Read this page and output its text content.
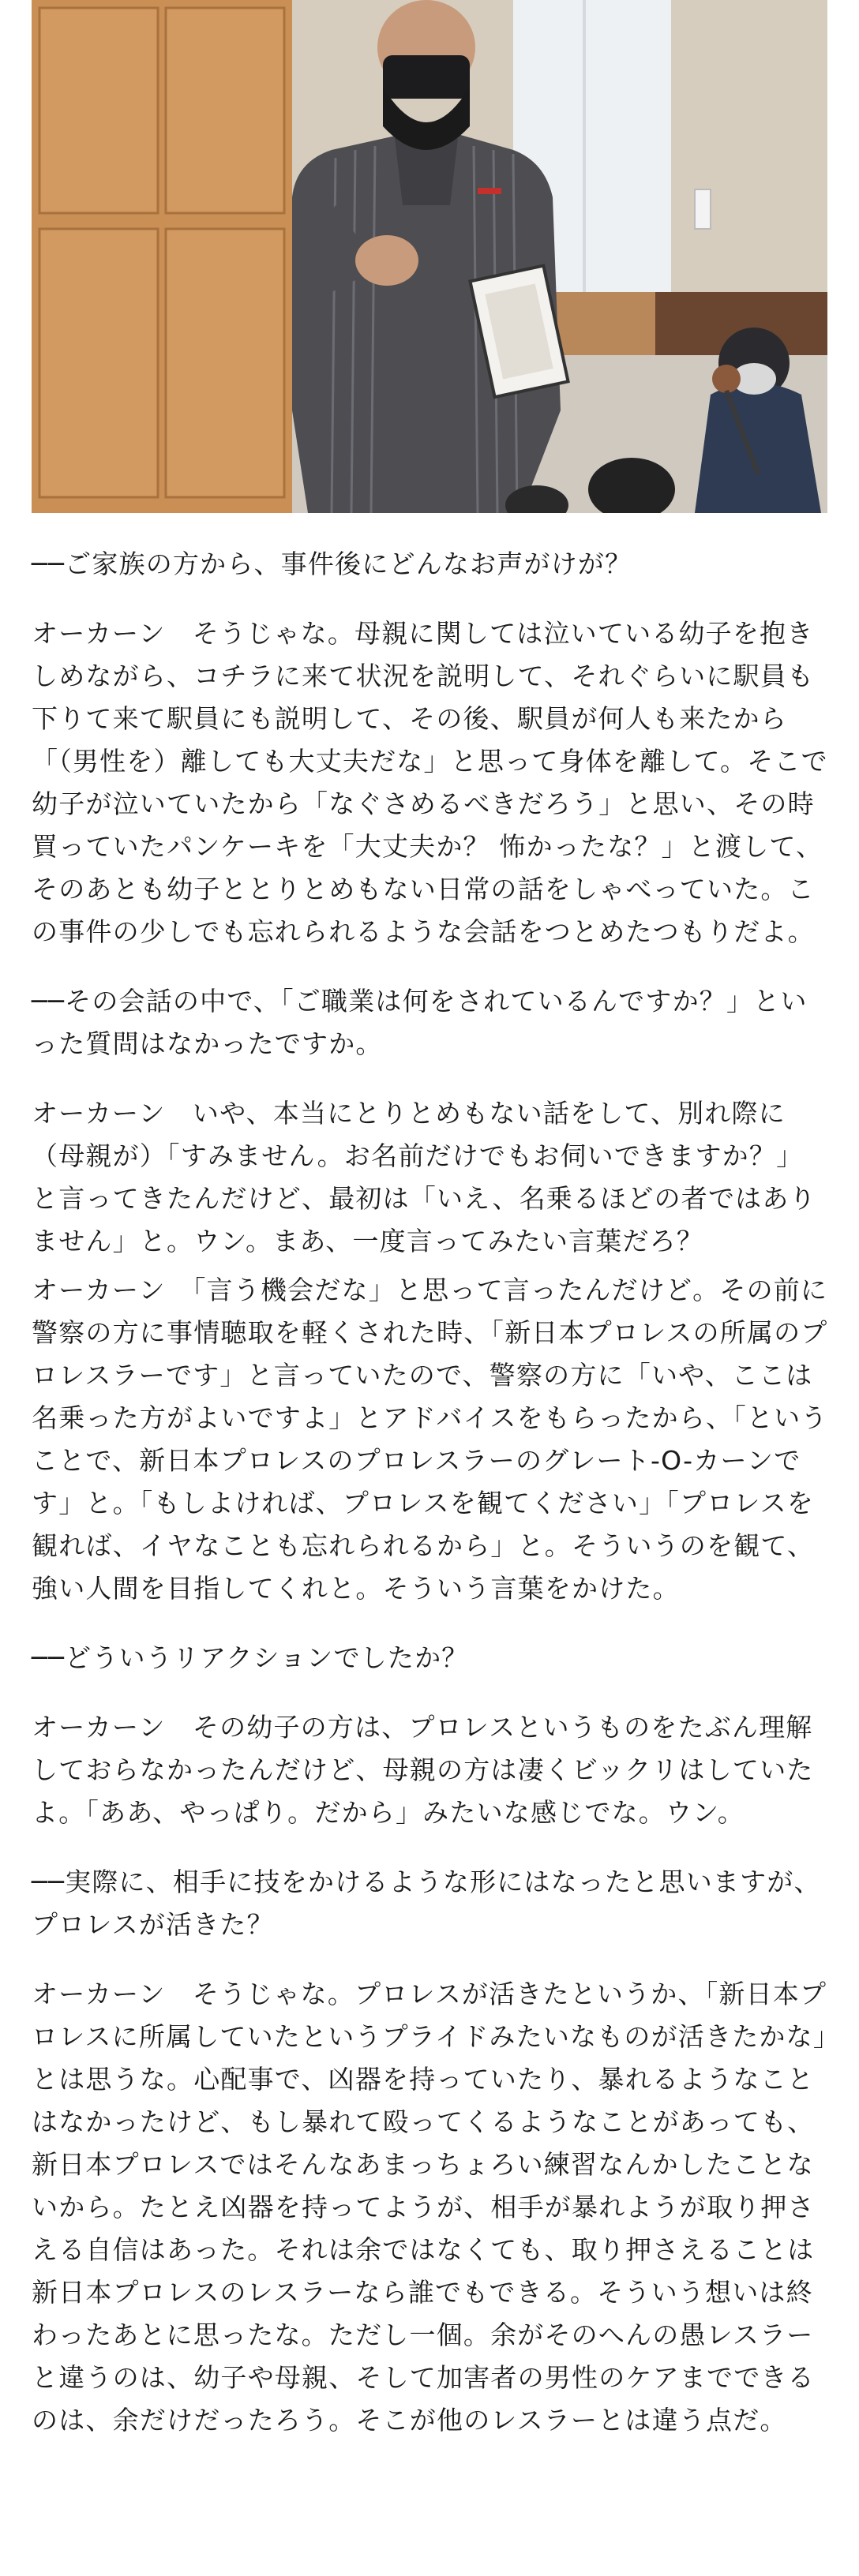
──ご家族の方から、事件後にどんなお声がけが？

オーカーン　そうじゃな。母親に関しては泣いている幼子を抱きしめながら、コチラに来て状況を説明して、それぐらいに駅員も下りて来て駅員にも説明して、その後、駅員が何人も来たから「（男性を）離しても大丈夫だな」と思って身体を離して。そこで幼子が泣いていたから「なぐさめるべきだろう」と思い、その時買っていたパンケーキを「大丈夫か？ 怖かったな？」と渡して、そのあとも幼子ととりとめもない日常の話をしゃべっていた。この事件の少しでも忘れられるような会話をつとめたつもりだよ。

──その会話の中で、「ご職業は何をされているんですか？」といった質問はなかったですか。

オーカーン　いや、本当にとりとめもない話をして、別れ際に（母親が）「すみません。お名前だけでもお伺いできますか？」と言ってきたんだけど、最初は「いえ、名乗るほどの者ではありません」と。ウン。まあ、一度言ってみたい言葉だろ？

オーカーン　「言う機会だな」と思って言ったんだけど。その前に警察の方に事情聴取を軽くされた時、「新日本プロレスの所属のプロレスラーです」と言っていたので、警察の方に「いや、ここは名乗った方がよいですよ」とアドバイスをもらったから、「ということで、新日本プロレスのプロレスラーのグレート-O-カーンです」と。「もしよければ、プロレスを観てください」「プロレスを観れば、イヤなことも忘れられるから」と。そういうのを観て、強い人間を目指してくれと。そういう言葉をかけた。

──どういうリアクションでしたか？

オーカーン　その幼子の方は、プロレスというものをたぶん理解しておらなかったんだけど、母親の方は凄くビックリはしていたよ。「ああ、やっぱり。だから」みたいな感じでな。ウン。

──実際に、相手に技をかけるような形にはなったと思いますが、プロレスが活きた？

オーカーン　そうじゃな。プロレスが活きたというか、「新日本プロレスに所属していたというプライドみたいなものが活きたかな」とは思うな。心配事で、凶器を持っていたり、暴れるようなことはなかったけど、もし暴れて殴ってくるようなことがあっても、新日本プロレスではそんなあまっちょろい練習なんかしたことないから。たとえ凶器を持ってようが、相手が暴れようが取り押さえる自信はあった。それは余ではなくても、取り押さえることは新日本プロレスのレスラーなら誰でもできる。そういう想いは終わったあとに思ったな。ただし一個。余がそのへんの愚レスラーと違うのは、幼子や母親、そして加害者の男性のケアまでできるのは、余だけだったろう。そこが他のレスラーとは違う点だ。
